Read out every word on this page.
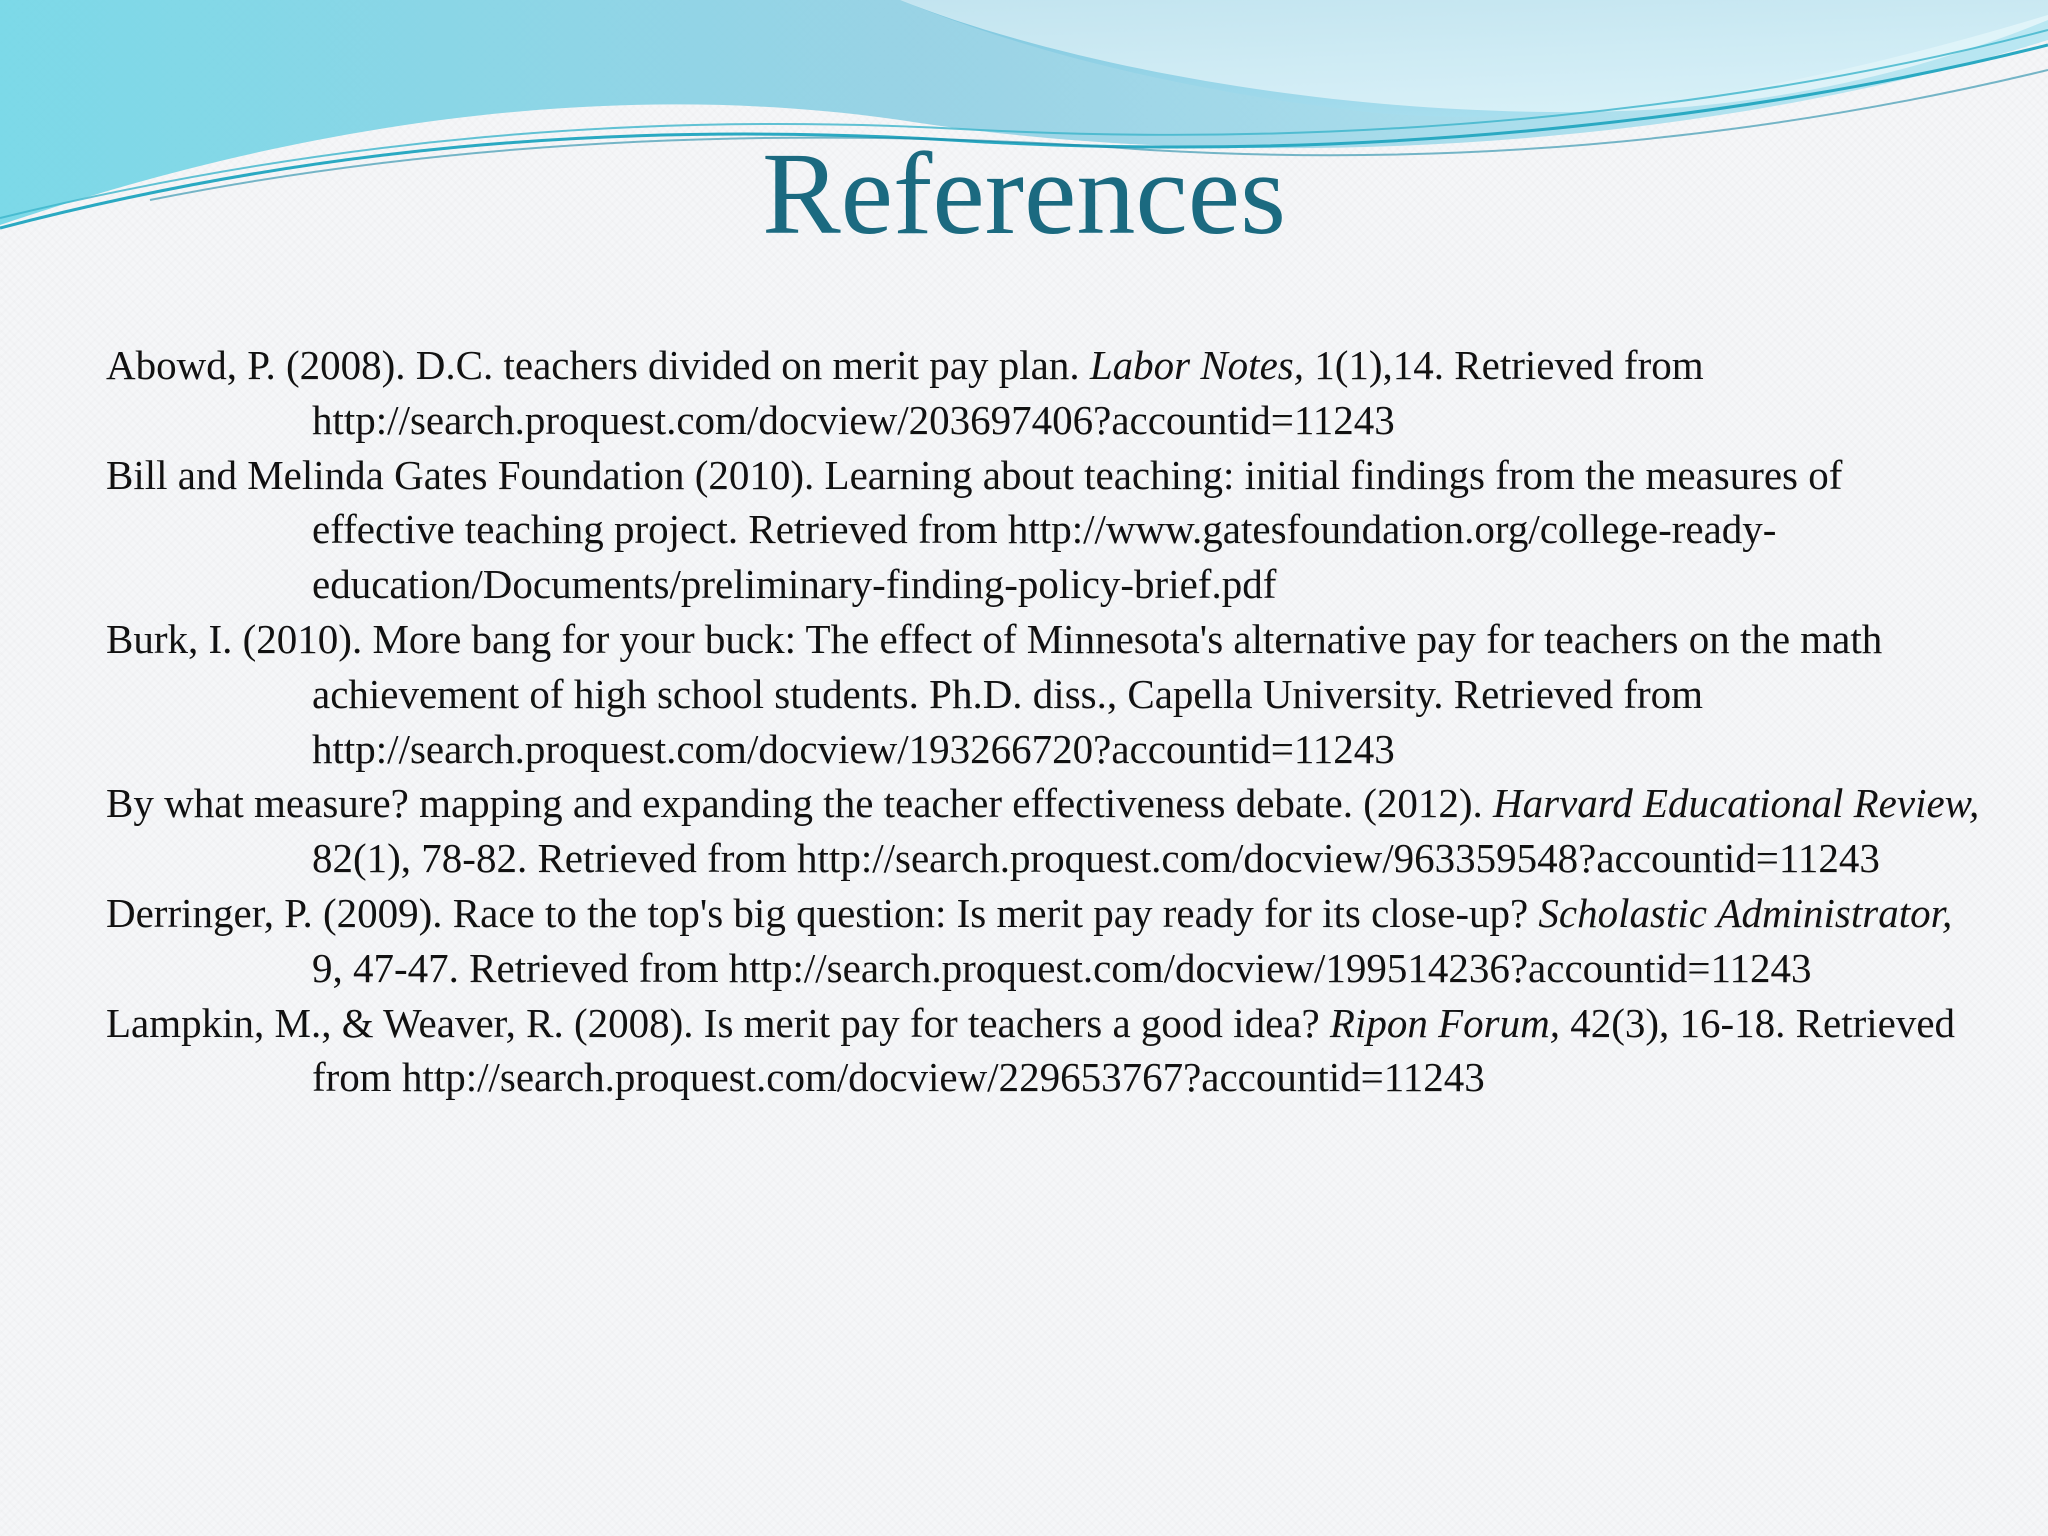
References
Abowd, P. (2008). D.C. teachers divided on merit pay plan. Labor Notes, 1(1),14. Retrieved from http://search.proquest.com/docview/203697406?accountid=11243
Bill and Melinda Gates Foundation (2010). Learning about teaching: initial findings from the measures of effective teaching project. Retrieved from http://www.gatesfoundation.org/college-ready-education/Documents/preliminary-finding-policy-brief.pdf
Burk, I. (2010). More bang for your buck: The effect of Minnesota's alternative pay for teachers on the math achievement of high school students. Ph.D. diss., Capella University. Retrieved from http://search.proquest.com/docview/193266720?accountid=11243
By what measure? mapping and expanding the teacher effectiveness debate. (2012). Harvard Educational Review, 82(1), 78-82. Retrieved from http://search.proquest.com/docview/963359548?accountid=11243
Derringer, P. (2009). Race to the top's big question: Is merit pay ready for its close-up? Scholastic Administrator, 9, 47-47. Retrieved from http://search.proquest.com/docview/199514236?accountid=11243
Lampkin, M., & Weaver, R. (2008). Is merit pay for teachers a good idea? Ripon Forum, 42(3), 16-18. Retrieved from http://search.proquest.com/docview/229653767?accountid=11243
